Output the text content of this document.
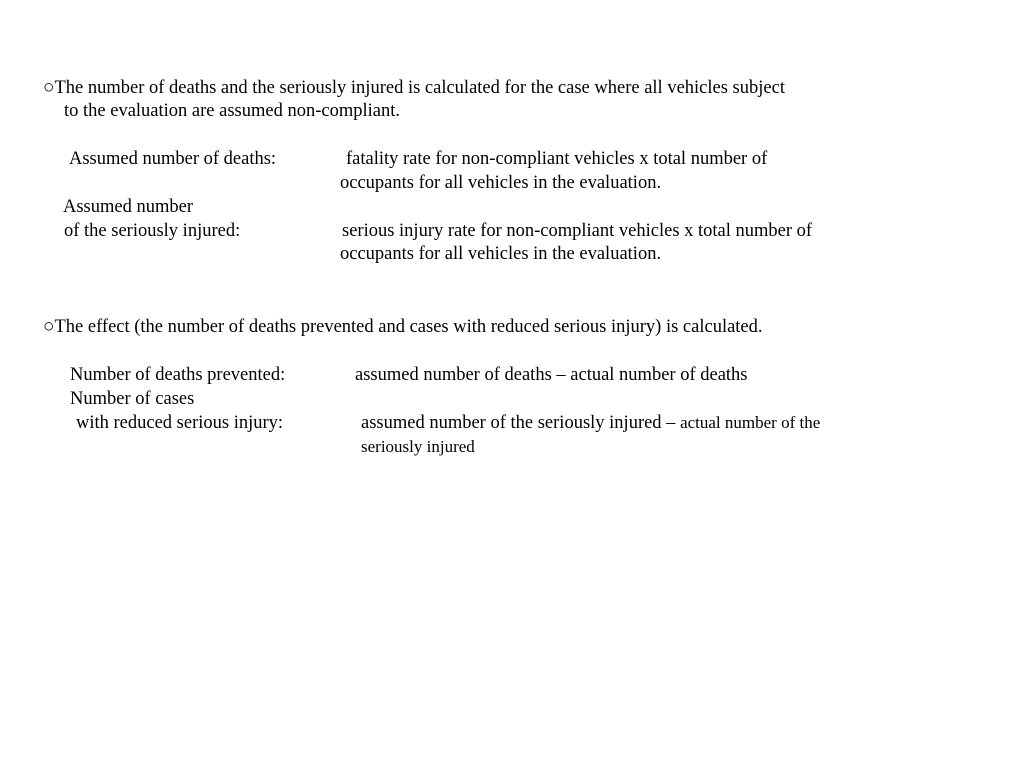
○The number of deaths and the seriously injured is calculated for the case where all vehicles subject
to the evaluation are assumed non-compliant.
Assumed number of deaths:	fatality rate for non-compliant vehicles x total number of
occupants for all vehicles in the evaluation.
Assumed number
of the seriously injured:	serious injury rate for non-compliant vehicles x total number of
occupants for all vehicles in the evaluation.
○The effect (the number of deaths prevented and cases with reduced serious injury) is calculated.
Number of deaths prevented:	assumed number of deaths – actual number of deaths
Number of cases
with reduced serious injury:	assumed number of the seriously injured – actual number of the
seriously injured
